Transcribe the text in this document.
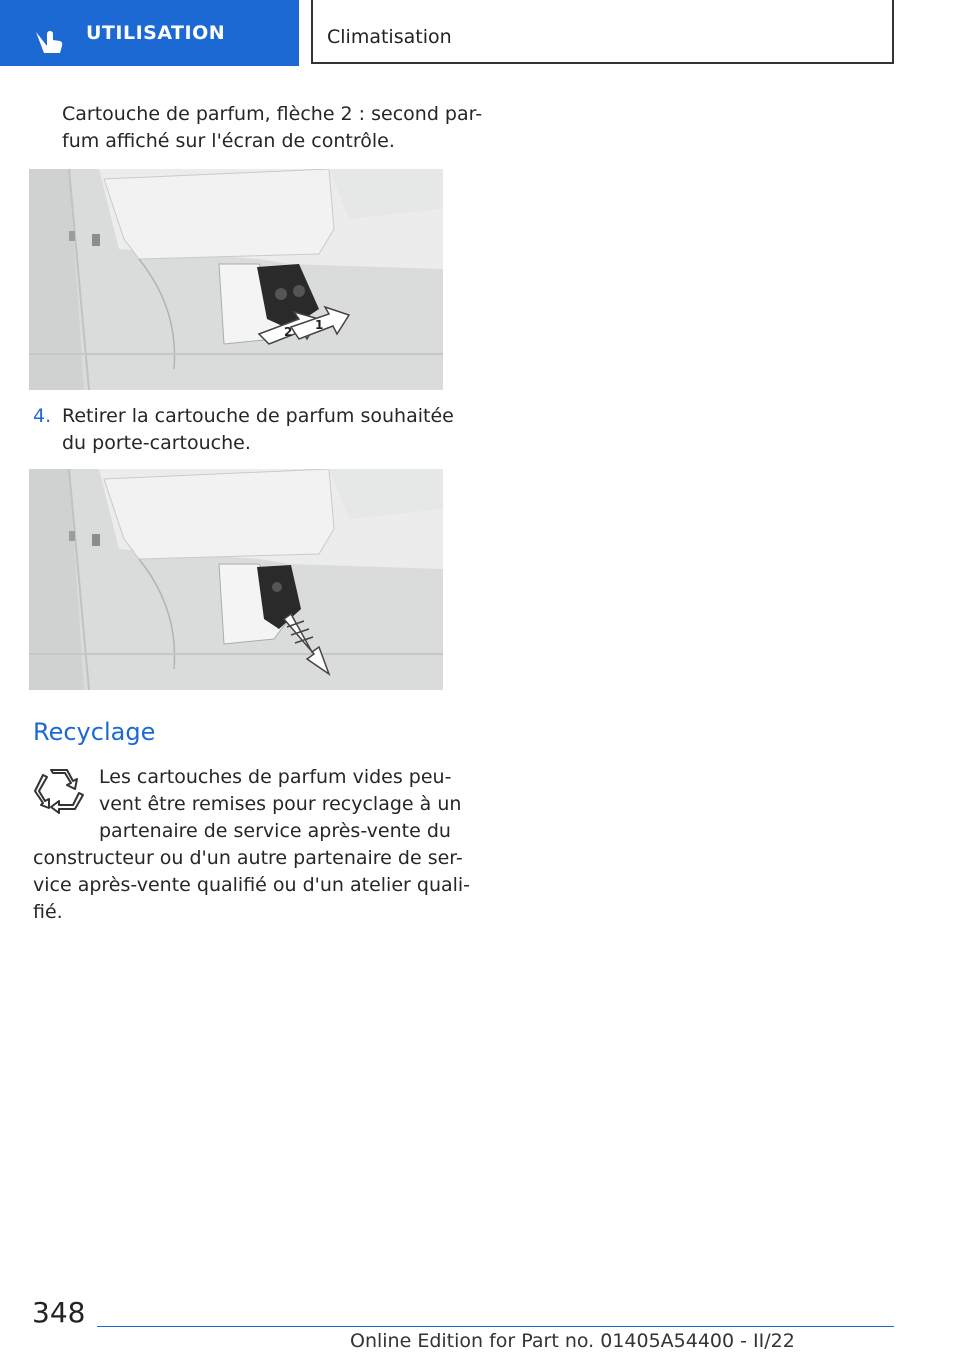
UTILISATION	Climatisation
Cartouche de parfum, flèche 2 : second par-
fum affiché sur l'écran de contrôle.
2 1
4. Retirer la cartouche de parfum souhaitée
du porte-cartouche.
Recyclage
Les cartouches de parfum vides peu-
vent être remises pour recyclage à un
partenaire de service après-vente du
constructeur ou d'un autre partenaire de ser-
vice après-vente qualifié ou d'un atelier quali-
fié.
348
Online Edition for Part no. 01405A54400 - II/22
